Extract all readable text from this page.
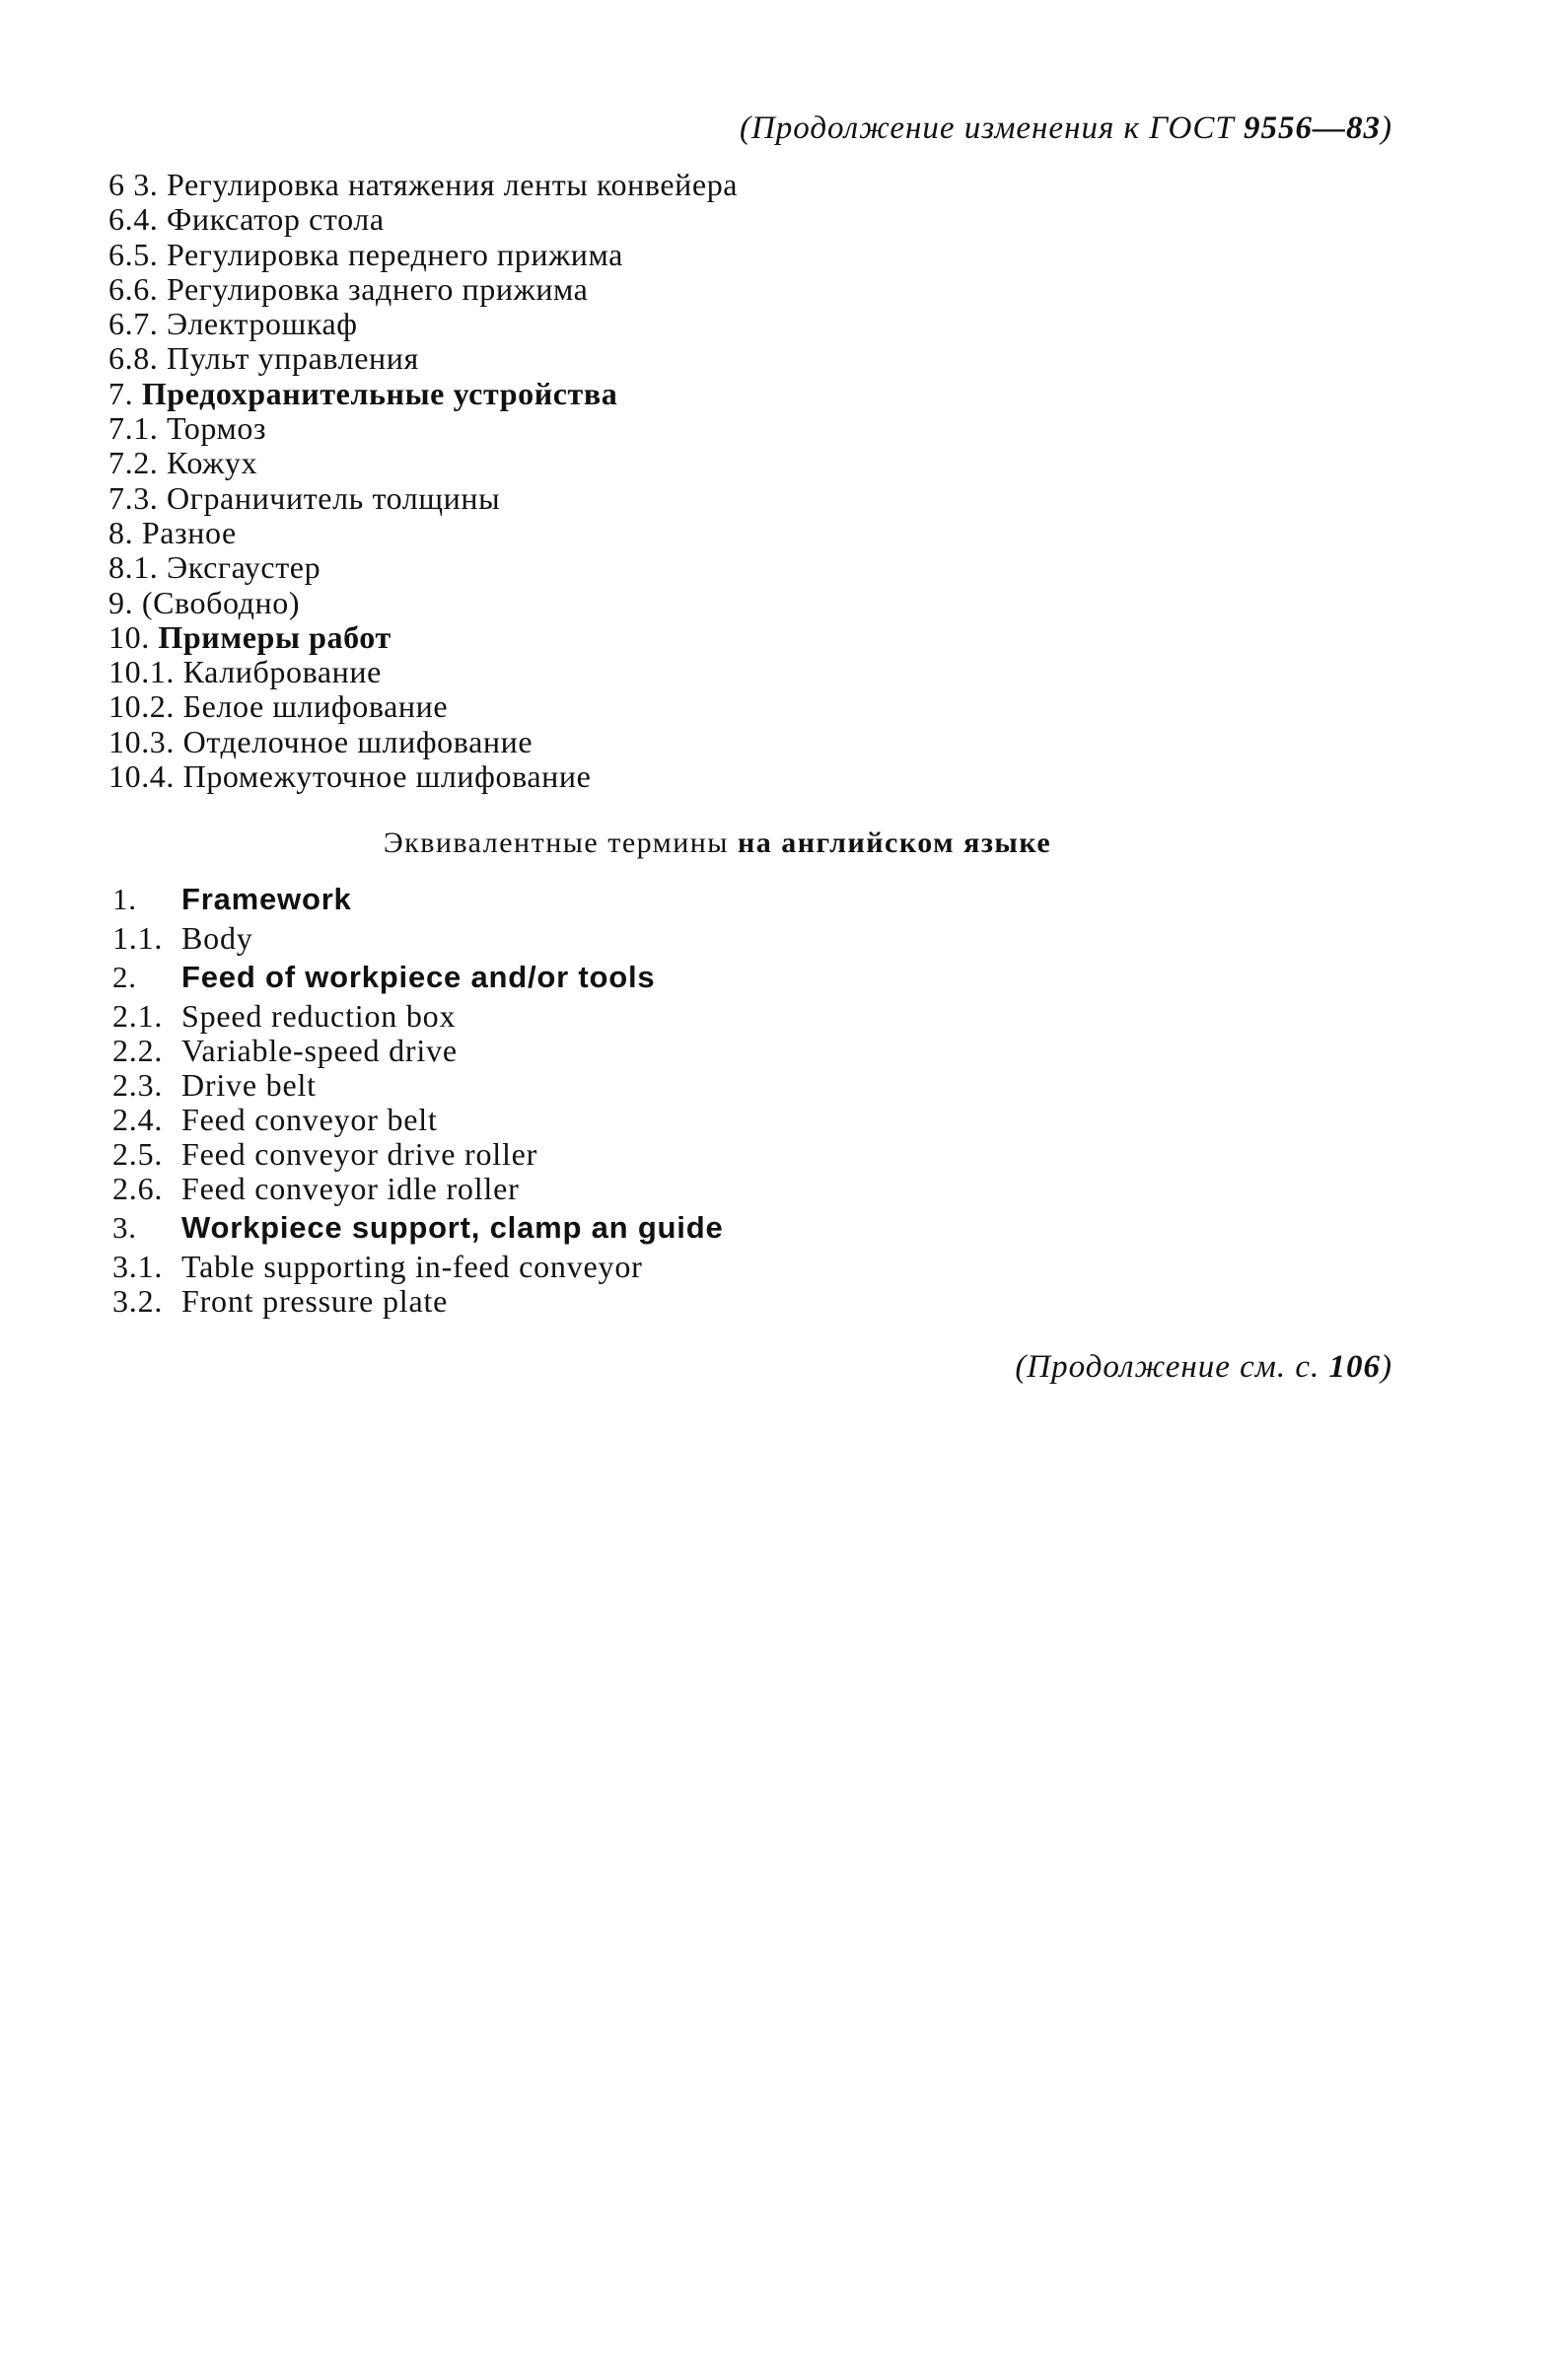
(Продолжение изменения к ГОСТ 9556—83)
6 3. Регулировка натяжения ленты конвейера
6.4. Фиксатор стола
6.5. Регулировка переднего прижима
6.6. Регулировка заднего прижима
6.7. Электрошкаф
6.8. Пульт управления
7. Предохранительные устройства
7.1. Тормоз
7.2. Кожух
7.3. Ограничитель толщины
8. Разное
8.1. Эксгаустер
9. (Свободно)
10. Примеры работ
10.1. Калибрование
10.2. Белое шлифование
10.3. Отделочное шлифование
10.4. Промежуточное шлифование
Эквивалентные термины на английском языке
1. Framework
1.1. Body
2. Feed of workpiece and/or tools
2.1. Speed reduction box
2.2. Variable-speed drive
2.3. Drive belt
2.4. Feed conveyor belt
2.5. Feed conveyor drive roller
2.6. Feed conveyor idle roller
3. Workpiece support, clamp an guide
3.1. Table supporting in-feed conveyor
3.2. Front pressure plate
(Продолжение см. с. 106)
